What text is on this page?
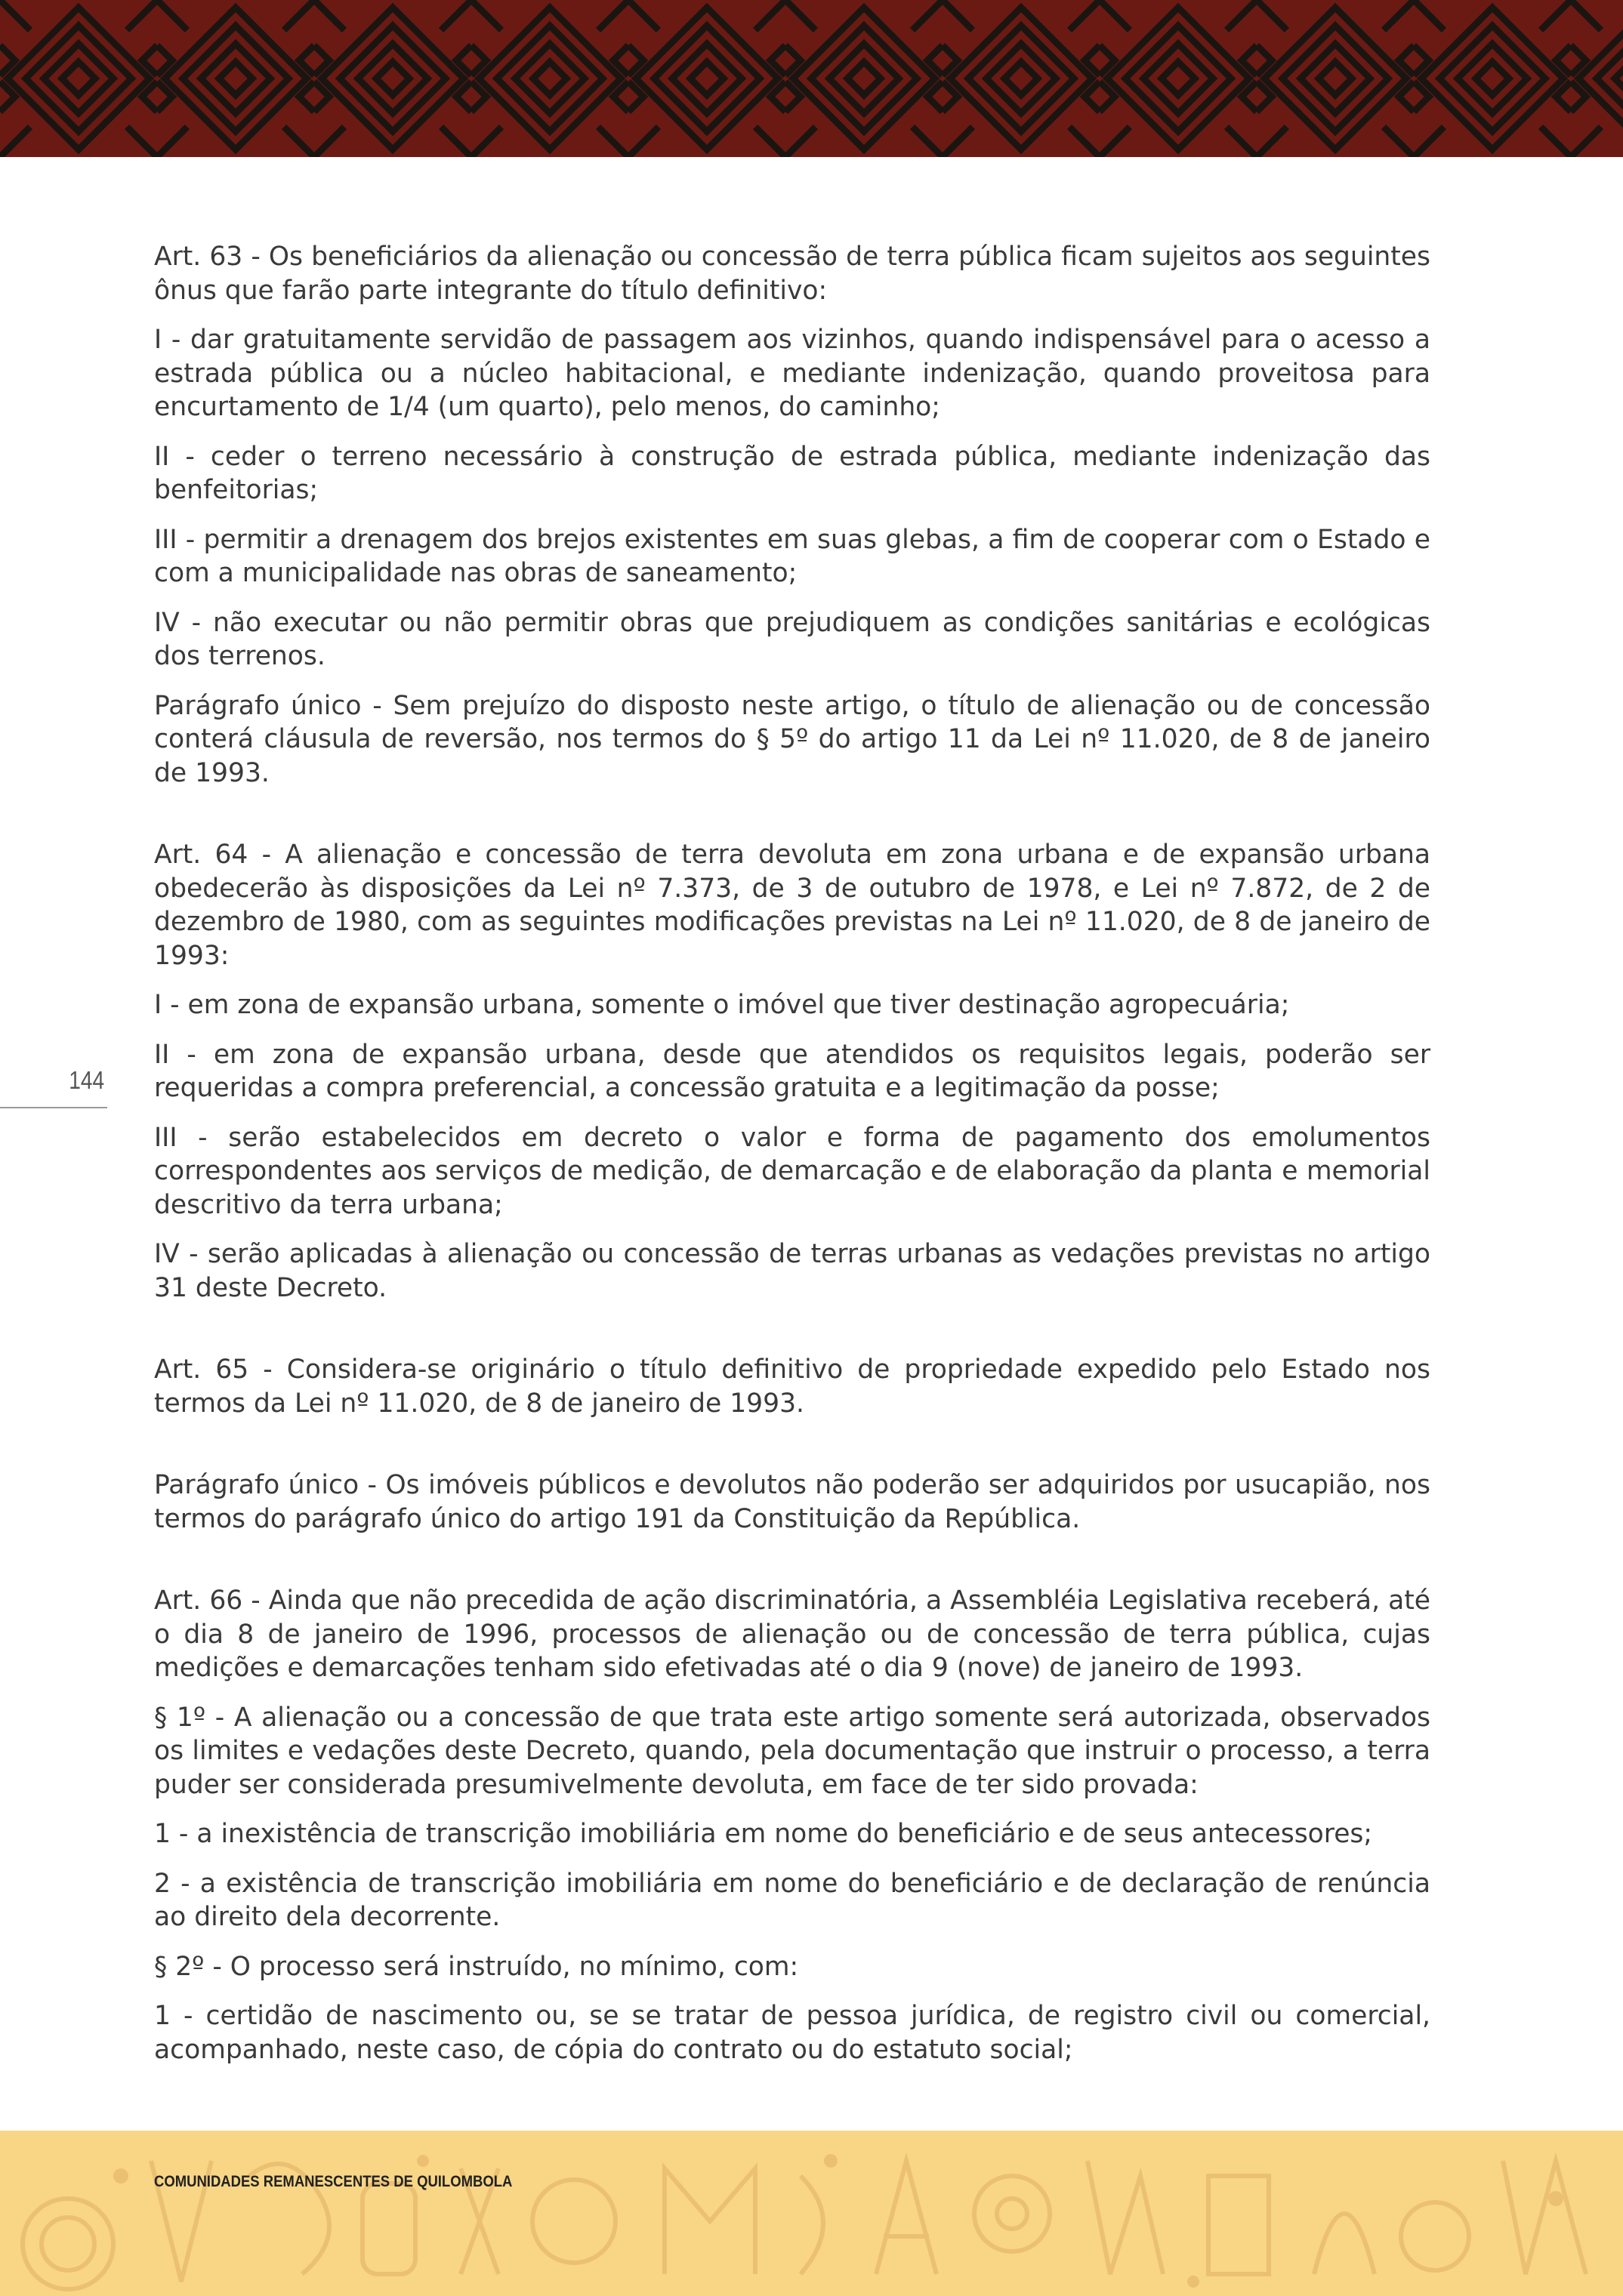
144

Art. 63 - Os beneficiários da alienação ou concessão de terra pública ficam sujeitos aos seguintes ônus que farão parte integrante do título definitivo:

I - dar gratuitamente servidão de passagem aos vizinhos, quando indispensável para o acesso a estrada pública ou a núcleo habitacional, e mediante indenização, quando proveitosa para encurtamento de 1/4 (um quarto), pelo menos, do caminho;

II - ceder o terreno necessário à construção de estrada pública, mediante indenização das benfeitorias;

III - permitir a drenagem dos brejos existentes em suas glebas, a fim de cooperar com o Estado e com a municipalidade nas obras de saneamento;

IV - não executar ou não permitir obras que prejudiquem as condições sanitárias e ecológicas dos terrenos.

Parágrafo único - Sem prejuízo do disposto neste artigo, o título de alienação ou de concessão conterá cláusula de reversão, nos termos do § 5º do artigo 11 da Lei nº 11.020, de 8 de janeiro de 1993.

Art. 64 - A alienação e concessão de terra devoluta em zona urbana e de expansão urbana obedecerão às disposições da Lei nº 7.373, de 3 de outubro de 1978, e Lei nº 7.872, de 2 de dezembro de 1980, com as seguintes modificações previstas na Lei nº 11.020, de 8 de janeiro de 1993:

I - em zona de expansão urbana, somente o imóvel que tiver destinação agropecuária;

II - em zona de expansão urbana, desde que atendidos os requisitos legais, poderão ser requeridas a compra preferencial, a concessão gratuita e a legitimação da posse;

III - serão estabelecidos em decreto o valor e forma de pagamento dos emolumentos correspondentes aos serviços de medição, de demarcação e de elaboração da planta e memorial descritivo da terra urbana;

IV - serão aplicadas à alienação ou concessão de terras urbanas as vedações previstas no artigo 31 deste Decreto.

Art. 65 - Considera-se originário o título definitivo de propriedade expedido pelo Estado nos termos da Lei nº 11.020, de 8 de janeiro de 1993.

Parágrafo único - Os imóveis públicos e devolutos não poderão ser adquiridos por usucapião, nos termos do parágrafo único do artigo 191 da Constituição da República.

Art. 66 - Ainda que não precedida de ação discriminatória, a Assembléia Legislativa receberá, até o dia 8 de janeiro de 1996, processos de alienação ou de concessão de terra pública, cujas medições e demarcações tenham sido efetivadas até o dia 9 (nove) de janeiro de 1993.

§ 1º - A alienação ou a concessão de que trata este artigo somente será autorizada, observados os limites e vedações deste Decreto, quando, pela documentação que instruir o processo, a terra puder ser considerada presumivelmente devoluta, em face de ter sido provada:

1 - a inexistência de transcrição imobiliária em nome do beneficiário e de seus antecessores;

2 - a existência de transcrição imobiliária em nome do beneficiário e de declaração de renúncia ao direito dela decorrente.

§ 2º - O processo será instruído, no mínimo, com:

1 - certidão de nascimento ou, se se tratar de pessoa jurídica, de registro civil ou comercial, acompanhado, neste caso, de cópia do contrato ou do estatuto social;

COMUNIDADES REMANESCENTES DE QUILOMBOLA
